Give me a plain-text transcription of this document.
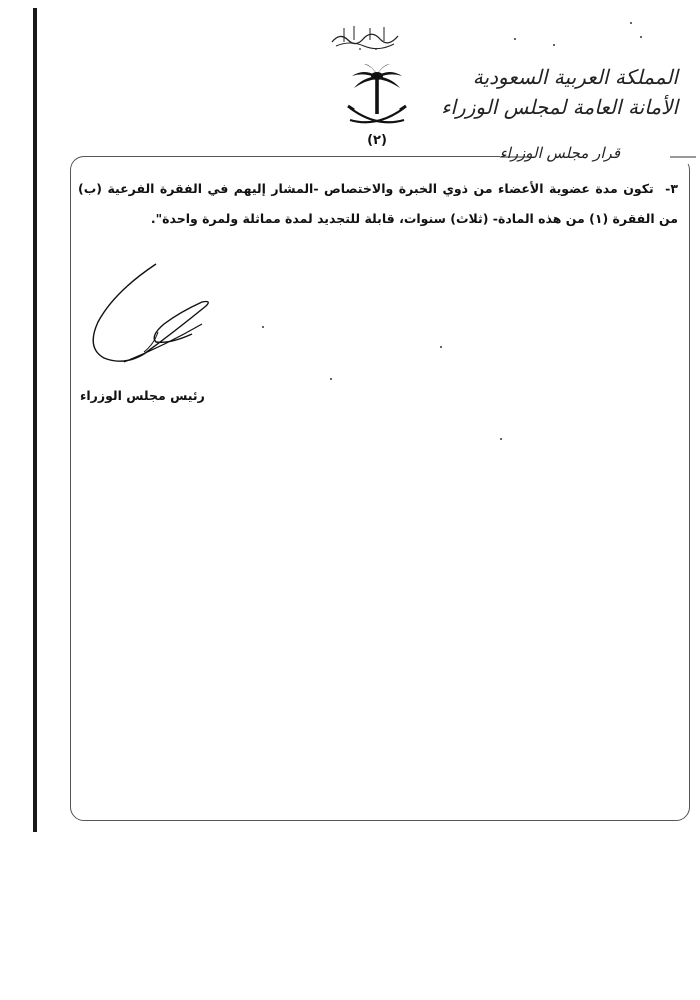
(٢)
المملكة العربية السعودية
الأمانة العامة لمجلس الوزراء
قرار مجلس الوزراء
٣- تكون مدة عضوية الأعضاء من ذوي الخبرة والاختصاص -المشار إليهم في الفقرة الفرعية (ب) من الفقرة (١) من هذه المادة- (ثلاث) سنوات، قابلة للتجديد لمدة مماثلة ولمرة واحدة".
رئيس مجلس الوزراء
